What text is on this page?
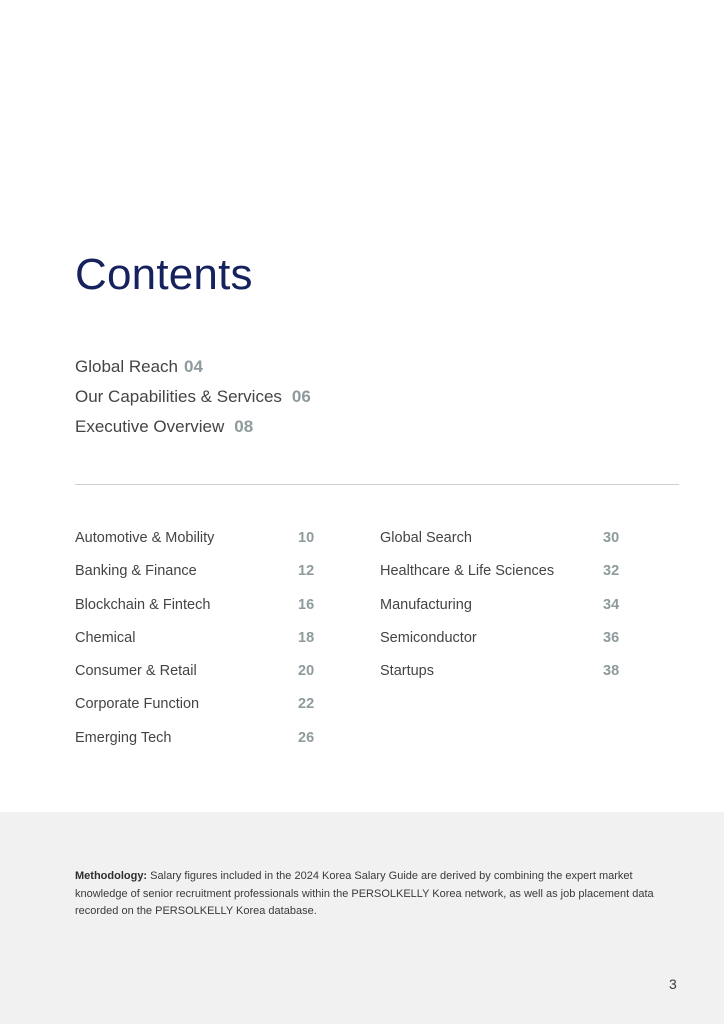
Contents
Global Reach 04
Our Capabilities & Services 06
Executive Overview 08
Automotive & Mobility	10
Banking & Finance	12
Blockchain & Fintech	16
Chemical	18
Consumer & Retail	20
Corporate Function	22
Emerging Tech	26
Global Search	30
Healthcare & Life Sciences	32
Manufacturing	34
Semiconductor	36
Startups	38

Methodology: Salary figures included in the 2024 Korea Salary Guide are derived by combining the expert market knowledge of senior recruitment professionals within the PERSOLKELLY Korea network, as well as job placement data recorded on the PERSOLKELLY Korea database.

3
